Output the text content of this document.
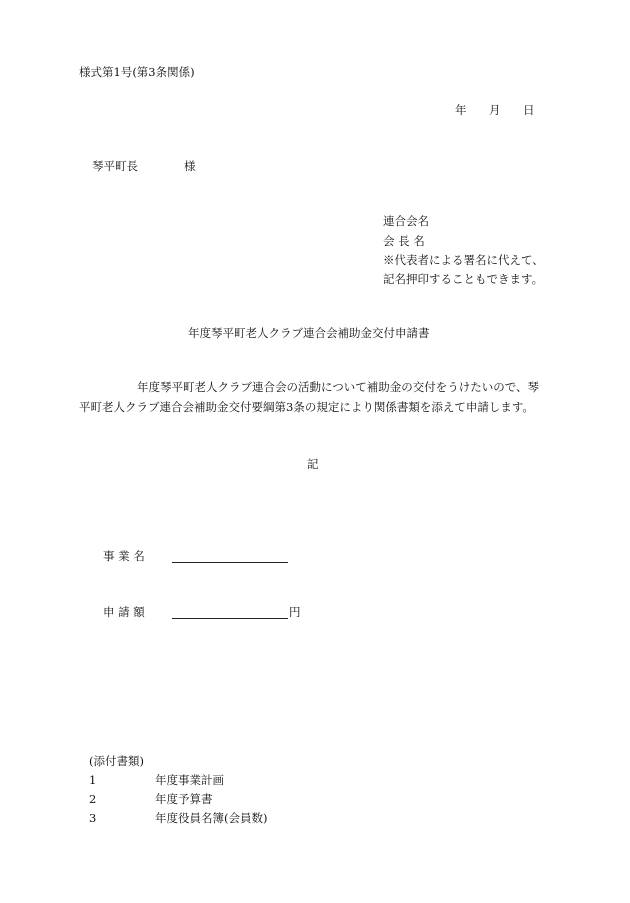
様式第1号(第3条関係)
年 月 日
琴平町長	様
連合会名
会 長 名
※代表者による署名に代えて、
記名押印することもできます。
年度琴平町老人クラブ連合会補助金交付申請書
年度琴平町老人クラブ連合会の活動について補助金の交付をうけたいので、琴
平町老人クラブ連合会補助金交付要綱第3条の規定により関係書類を添えて申請します。
記
事 業 名
申 請 額	円
(添付書類)
1	年度事業計画
2	年度予算書
3	年度役員名簿(会員数)
